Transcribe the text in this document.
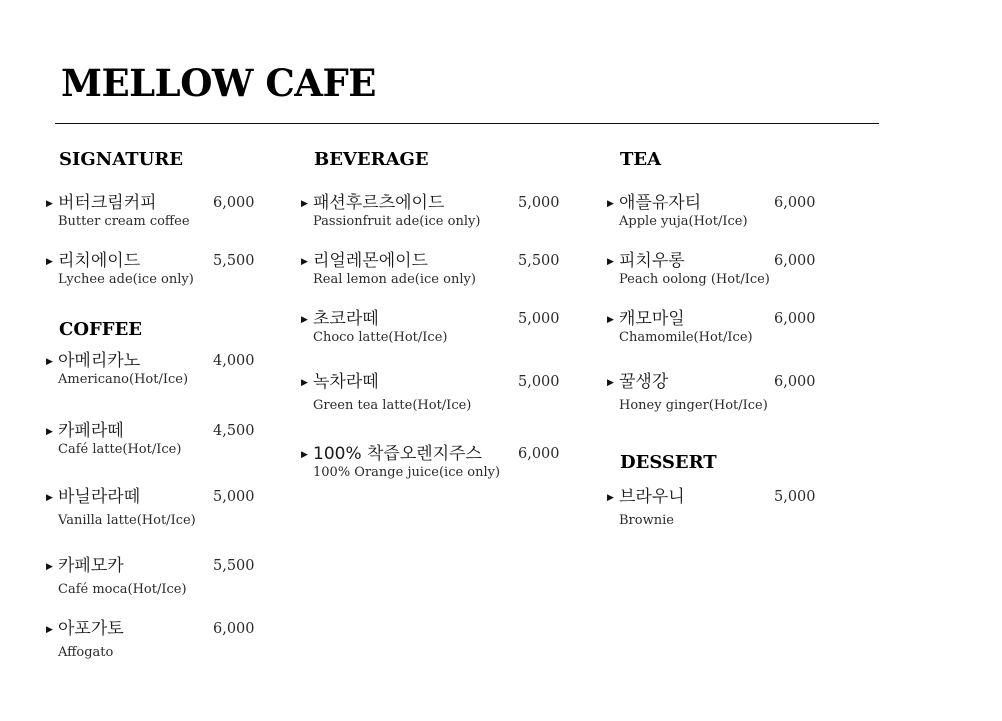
MELLOW CAFE
SIGNATURE
▶ 버터크림커피
Butter cream coffee
6,000
▶ 리치에이드
Lychee ade(ice only)
5,500
COFFEE
▶ 아메리카노
Americano(Hot/Ice)
4,000
▶ 카페라떼
Café latte(Hot/Ice)
4,500
▶ 바닐라라떼
Vanilla latte(Hot/Ice)
5,000
▶ 카페모카
Café moca(Hot/Ice)
5,500
▶ 아포가토
Affogato
6,000
BEVERAGE
▶ 패션후르츠에이드
Passionfruit ade(ice only)
5,000
▶ 리얼레몬에이드
Real lemon ade(ice only)
5,500
▶ 초코라떼
Choco latte(Hot/Ice)
5,000
▶ 녹차라떼
Green tea latte(Hot/Ice)
5,000
▶ 100% 착즙오렌지주스
100% Orange juice(ice only)
6,000
TEA
▶ 애플유자티
Apple yuja(Hot/Ice)
6,000
▶ 피치우롱
Peach oolong (Hot/Ice)
6,000
▶ 캐모마일
Chamomile(Hot/Ice)
6,000
▶ 꿀생강
Honey ginger(Hot/Ice)
6,000
DESSERT
▶ 브라우니
Brownie
5,000
